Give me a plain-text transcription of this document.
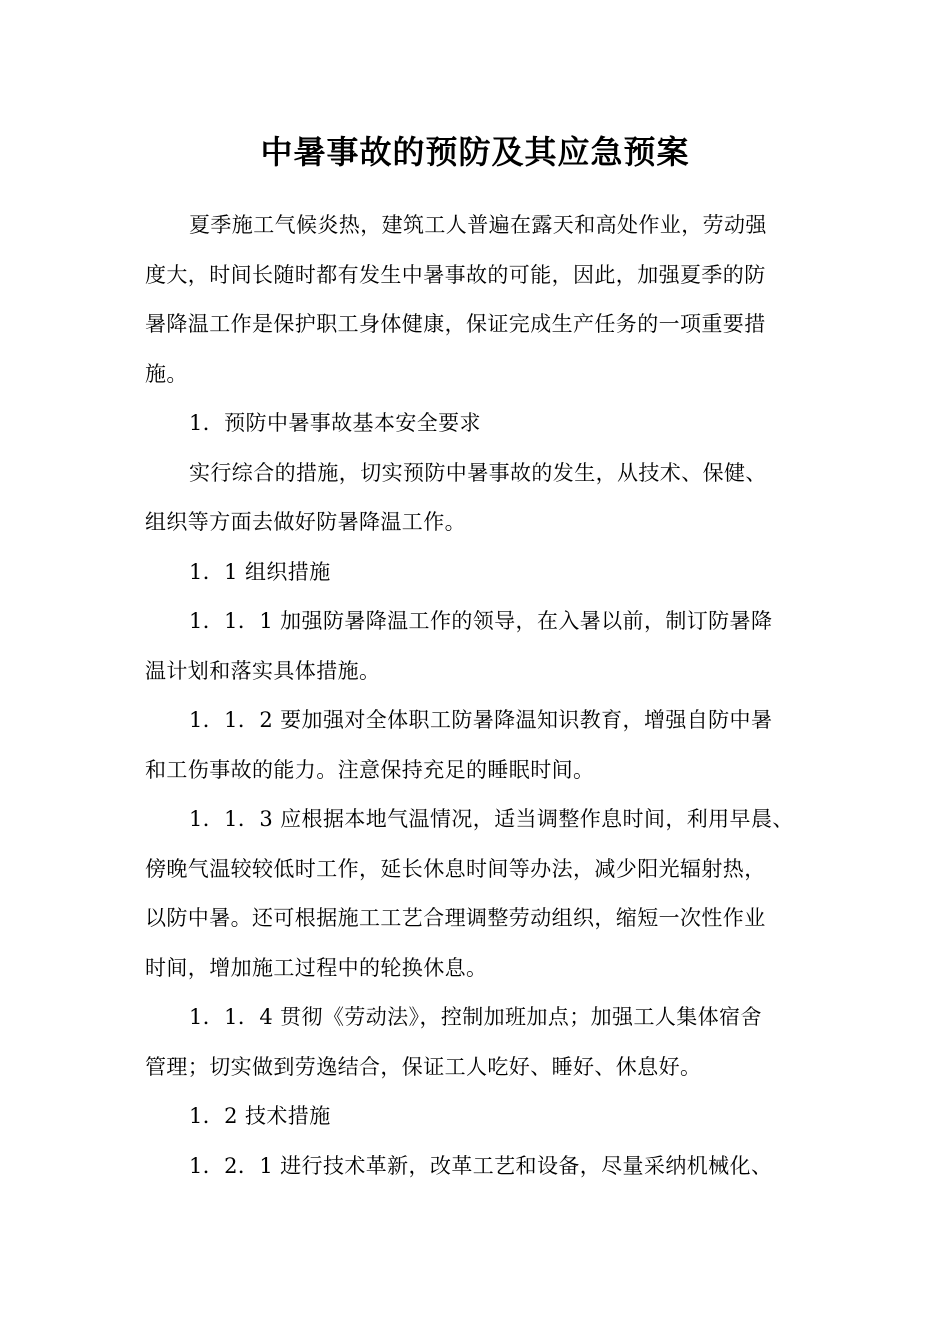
中暑事故的预防及其应急预案
夏季施工气候炎热，建筑工人普遍在露天和高处作业，劳动强
度大，时间长随时都有发生中暑事故的可能，因此，加强夏季的防
暑降温工作是保护职工身体健康，保证完成生产任务的一项重要措
施。
1．预防中暑事故基本安全要求
实行综合的措施，切实预防中暑事故的发生，从技术、保健、
组织等方面去做好防暑降温工作。
1．1 组织措施
1．1．1 加强防暑降温工作的领导，在入暑以前，制订防暑降
温计划和落实具体措施。
1．1．2 要加强对全体职工防暑降温知识教育，增强自防中暑
和工伤事故的能力。注意保持充足的睡眠时间。
1．1．3 应根据本地气温情况，适当调整作息时间，利用早晨、
傍晚气温较较低时工作，延长休息时间等办法，减少阳光辐射热，
以防中暑。还可根据施工工艺合理调整劳动组织，缩短一次性作业
时间，增加施工过程中的轮换休息。
1．1．4 贯彻《劳动法》，控制加班加点；加强工人集体宿舍
管理；切实做到劳逸结合，保证工人吃好、睡好、休息好。
1．2 技术措施
1．2．1 进行技术革新，改革工艺和设备，尽量采纳机械化、
